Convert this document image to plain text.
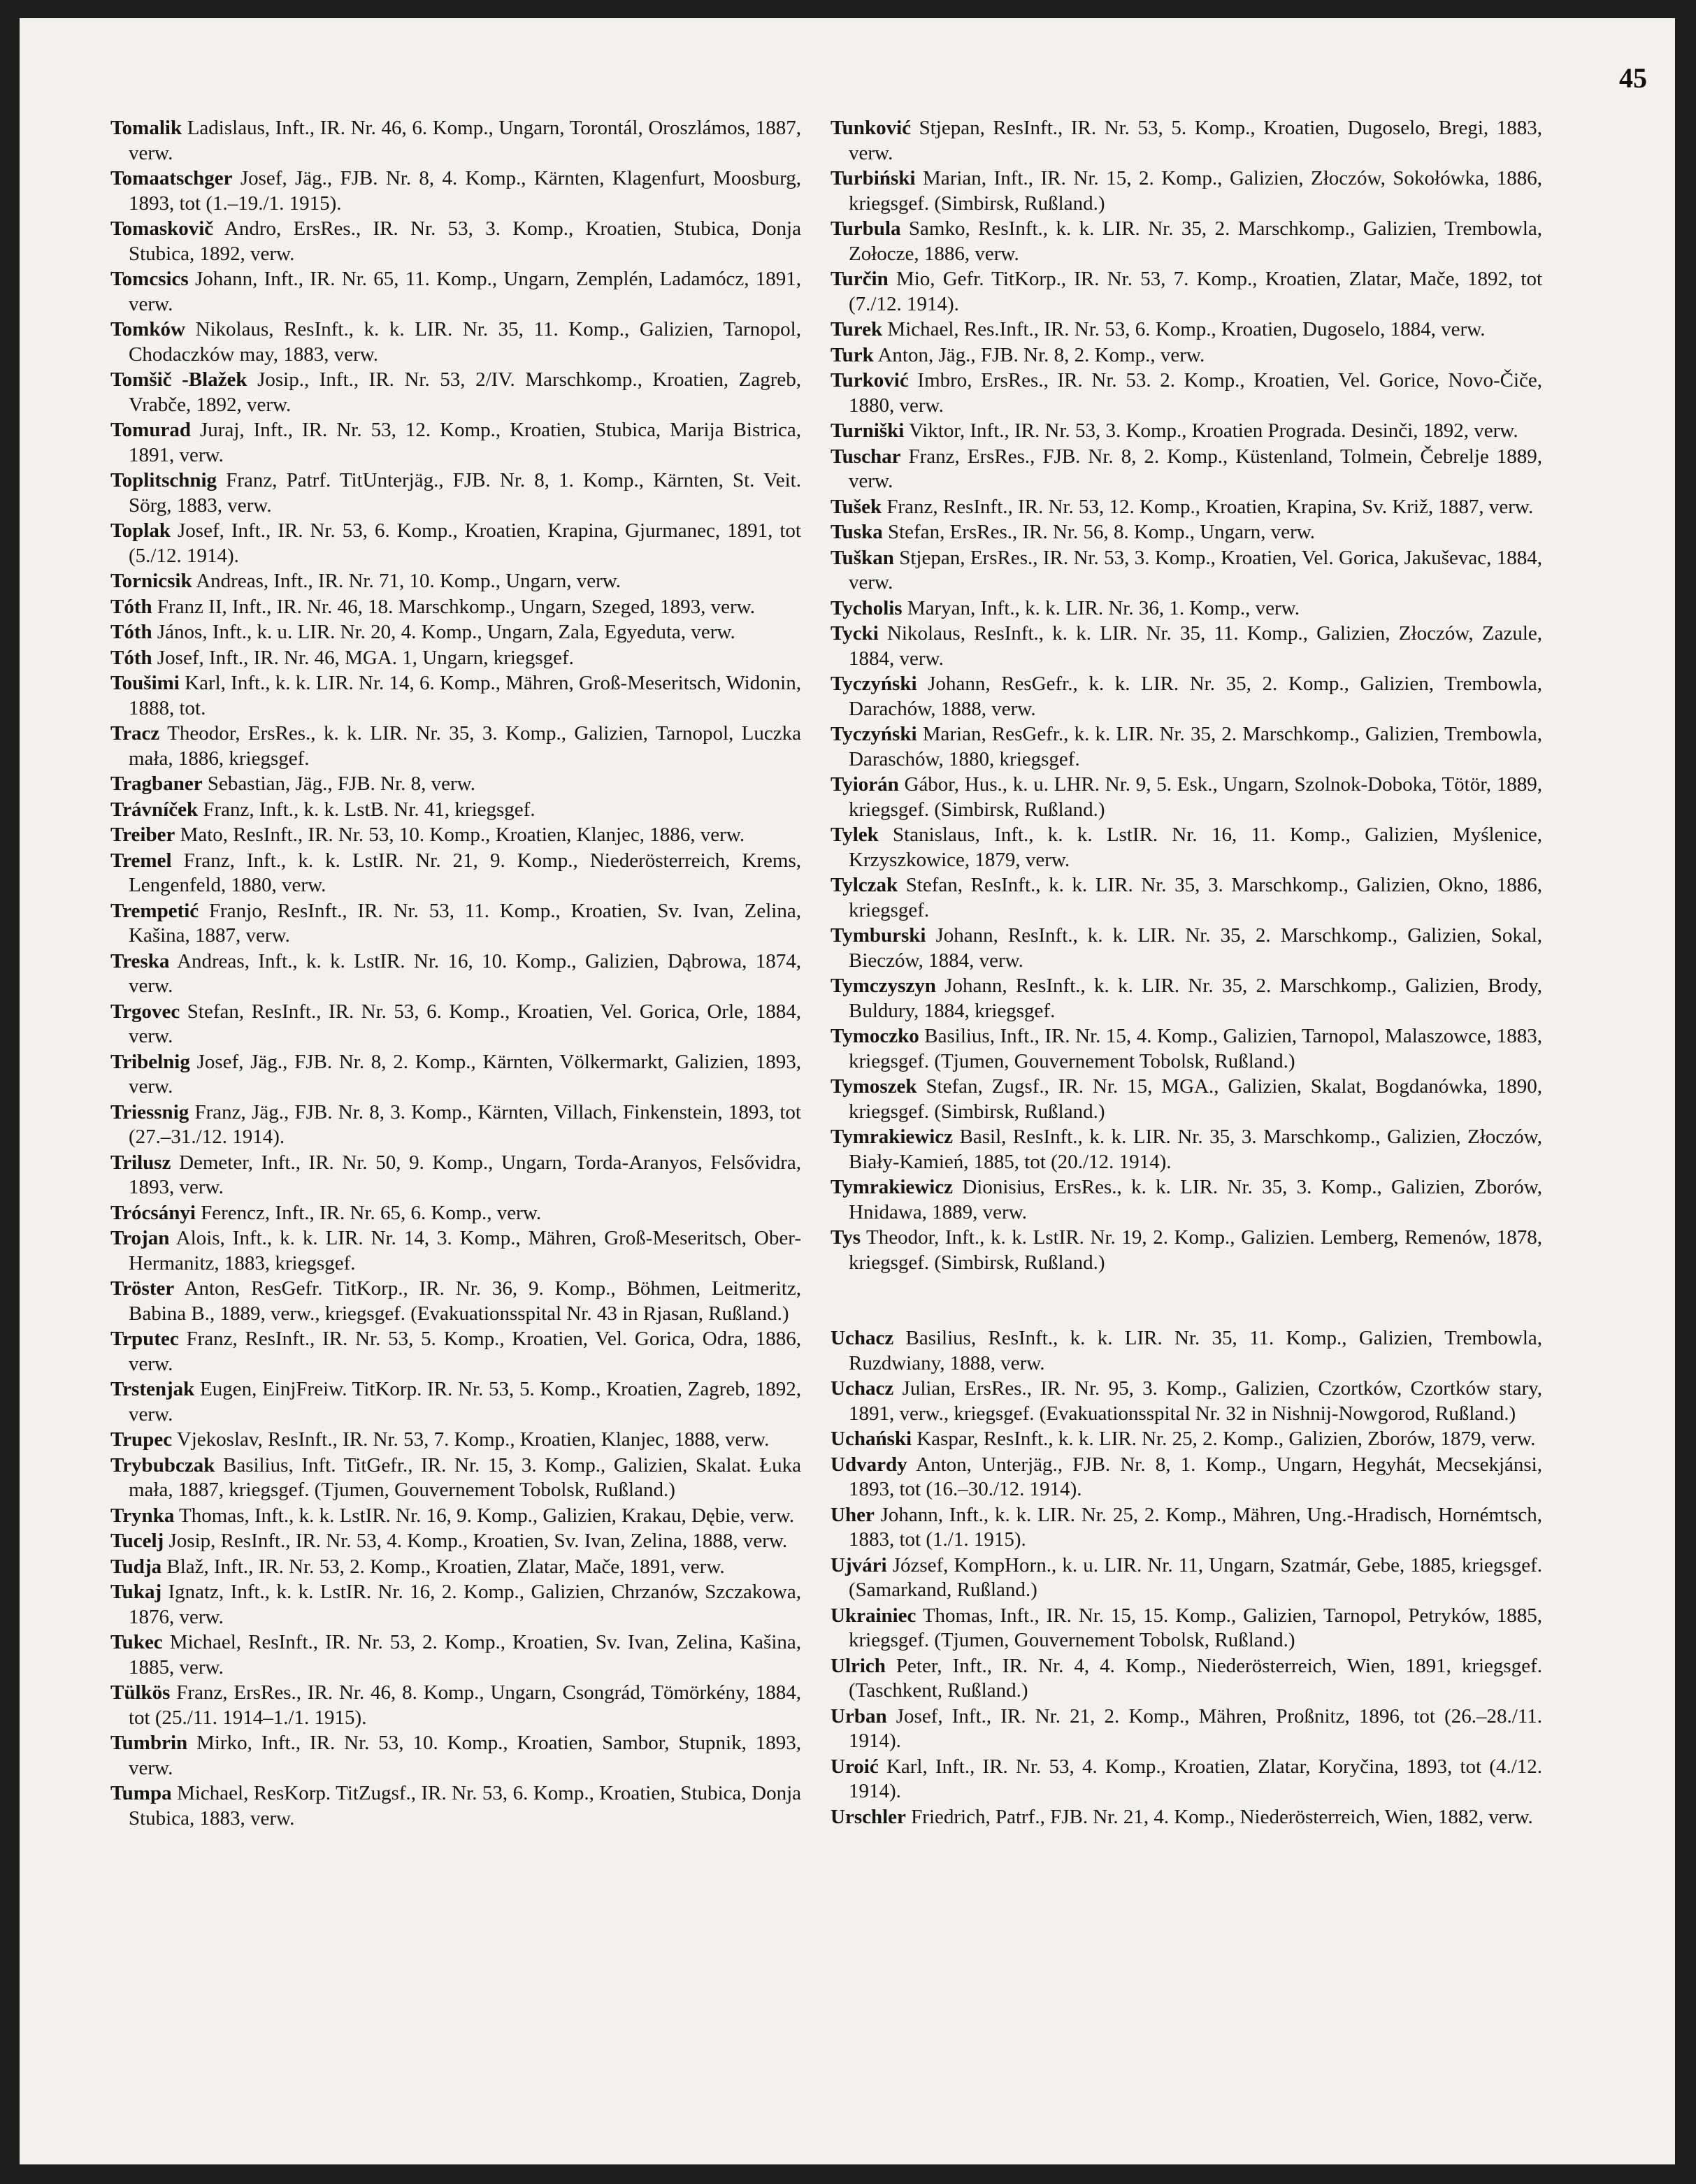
45

Tomalik Ladislaus, Inft., IR. Nr. 46, 6. Komp., Ungarn, Torontál, Oroszlámos, 1887, verw.

Tomaatschger Josef, Jäg., FJB. Nr. 8, 4. Komp., Kärnten, Klagenfurt, Moosburg, 1893, tot (1.–19./1. 1915).

Tomaskovič Andro, ErsRes., IR. Nr. 53, 3. Komp., Kroatien, Stubica, Donja Stubica, 1892, verw.

Tomcsics Johann, Inft., IR. Nr. 65, 11. Komp., Ungarn, Zemplén, Ladamócz, 1891, verw.

Tomków Nikolaus, ResInft., k. k. LIR. Nr. 35, 11. Komp., Galizien, Tarnopol, Chodaczków may, 1883, verw.

Tomšič -Blažek Josip., Inft., IR. Nr. 53, 2/IV. Marschkomp., Kroatien, Zagreb, Vrabče, 1892, verw.

Tomurad Juraj, Inft., IR. Nr. 53, 12. Komp., Kroatien, Stubica, Marija Bistrica, 1891, verw.

Toplitschnig Franz, Patrf. TitUnterjäg., FJB. Nr. 8, 1. Komp., Kärnten, St. Veit. Sörg, 1883, verw.

Toplak Josef, Inft., IR. Nr. 53, 6. Komp., Kroatien, Krapina, Gjurmanec, 1891, tot (5./12. 1914).

Tornicsik Andreas, Inft., IR. Nr. 71, 10. Komp., Ungarn, verw.

Tóth Franz II, Inft., IR. Nr. 46, 18. Marschkomp., Ungarn, Szeged, 1893, verw.

Tóth János, Inft., k. u. LIR. Nr. 20, 4. Komp., Ungarn, Zala, Egyeduta, verw.

Tóth Josef, Inft., IR. Nr. 46, MGA. 1, Ungarn, kriegsgef.

Toušimi Karl, Inft., k. k. LIR. Nr. 14, 6. Komp., Mähren, Groß-Meseritsch, Widonin, 1888, tot.

Tracz Theodor, ErsRes., k. k. LIR. Nr. 35, 3. Komp., Galizien, Tarnopol, Luczka mała, 1886, kriegsgef.

Tragbaner Sebastian, Jäg., FJB. Nr. 8, verw.

Trávníček Franz, Inft., k. k. LstB. Nr. 41, kriegsgef.

Treiber Mato, ResInft., IR. Nr. 53, 10. Komp., Kroatien, Klanjec, 1886, verw.

Tremel Franz, Inft., k. k. LstIR. Nr. 21, 9. Komp., Niederösterreich, Krems, Lengenfeld, 1880, verw.

Trempetić Franjo, ResInft., IR. Nr. 53, 11. Komp., Kroatien, Sv. Ivan, Zelina, Kašina, 1887, verw.

Treska Andreas, Inft., k. k. LstIR. Nr. 16, 10. Komp., Galizien, Dąbrowa, 1874, verw.

Trgovec Stefan, ResInft., IR. Nr. 53, 6. Komp., Kroatien, Vel. Gorica, Orle, 1884, verw.

Tribelnig Josef, Jäg., FJB. Nr. 8, 2. Komp., Kärnten, Völkermarkt, Galizien, 1893, verw.

Triessnig Franz, Jäg., FJB. Nr. 8, 3. Komp., Kärnten, Villach, Finkenstein, 1893, tot (27.–31./12. 1914).

Trilusz Demeter, Inft., IR. Nr. 50, 9. Komp., Ungarn, Torda-Aranyos, Felsővidra, 1893, verw.

Trócsányi Ferencz, Inft., IR. Nr. 65, 6. Komp., verw.

Trojan Alois, Inft., k. k. LIR. Nr. 14, 3. Komp., Mähren, Groß-Meseritsch, Ober-Hermanitz, 1883, kriegsgef.

Tröster Anton, ResGefr. TitKorp., IR. Nr. 36, 9. Komp., Böhmen, Leitmeritz, Babina B., 1889, verw., kriegsgef. (Evakuationsspital Nr. 43 in Rjasan, Rußland.)

Trputec Franz, ResInft., IR. Nr. 53, 5. Komp., Kroatien, Vel. Gorica, Odra, 1886, verw.

Trstenjak Eugen, EinjFreiw. TitKorp. IR. Nr. 53, 5. Komp., Kroatien, Zagreb, 1892, verw.

Trupec Vjekoslav, ResInft., IR. Nr. 53, 7. Komp., Kroatien, Klanjec, 1888, verw.

Trybubczak Basilius, Inft. TitGefr., IR. Nr. 15, 3. Komp., Galizien, Skalat. Łuka mała, 1887, kriegsgef. (Tjumen, Gouvernement Tobolsk, Rußland.)

Trynka Thomas, Inft., k. k. LstIR. Nr. 16, 9. Komp., Galizien, Krakau, Dębie, verw.

Tucelj Josip, ResInft., IR. Nr. 53, 4. Komp., Kroatien, Sv. Ivan, Zelina, 1888, verw.

Tudja Blaž, Inft., IR. Nr. 53, 2. Komp., Kroatien, Zlatar, Mače, 1891, verw.

Tukaj Ignatz, Inft., k. k. LstIR. Nr. 16, 2. Komp., Galizien, Chrzanów, Szczakowa, 1876, verw.

Tukec Michael, ResInft., IR. Nr. 53, 2. Komp., Kroatien, Sv. Ivan, Zelina, Kašina, 1885, verw.

Tülkös Franz, ErsRes., IR. Nr. 46, 8. Komp., Ungarn, Csongrád, Tömörkény, 1884, tot (25./11. 1914–1./1. 1915).

Tumbrin Mirko, Inft., IR. Nr. 53, 10. Komp., Kroatien, Sambor, Stupnik, 1893, verw.

Tumpa Michael, ResKorp. TitZugsf., IR. Nr. 53, 6. Komp., Kroatien, Stubica, Donja Stubica, 1883, verw.

Tunković Stjepan, ResInft., IR. Nr. 53, 5. Komp., Kroatien, Dugoselo, Bregi, 1883, verw.

Turbiński Marian, Inft., IR. Nr. 15, 2. Komp., Galizien, Złoczów, Sokołówka, 1886, kriegsgef. (Simbirsk, Rußland.)

Turbula Samko, ResInft., k. k. LIR. Nr. 35, 2. Marschkomp., Galizien, Trembowla, Zołocze, 1886, verw.

Turčin Mio, Gefr. TitKorp., IR. Nr. 53, 7. Komp., Kroatien, Zlatar, Mače, 1892, tot (7./12. 1914).

Turek Michael, Res.Inft., IR. Nr. 53, 6. Komp., Kroatien, Dugoselo, 1884, verw.

Turk Anton, Jäg., FJB. Nr. 8, 2. Komp., verw.

Turković Imbro, ErsRes., IR. Nr. 53. 2. Komp., Kroatien, Vel. Gorice, Novo-Čiče, 1880, verw.

Turniški Viktor, Inft., IR. Nr. 53, 3. Komp., Kroatien Prograda. Desinči, 1892, verw.

Tuschar Franz, ErsRes., FJB. Nr. 8, 2. Komp., Küstenland, Tolmein, Čebrelje 1889, verw.

Tušek Franz, ResInft., IR. Nr. 53, 12. Komp., Kroatien, Krapina, Sv. Križ, 1887, verw.

Tuska Stefan, ErsRes., IR. Nr. 56, 8. Komp., Ungarn, verw.

Tuškan Stjepan, ErsRes., IR. Nr. 53, 3. Komp., Kroatien, Vel. Gorica, Jakuševac, 1884, verw.

Tycholis Maryan, Inft., k. k. LIR. Nr. 36, 1. Komp., verw.

Tycki Nikolaus, ResInft., k. k. LIR. Nr. 35, 11. Komp., Galizien, Złoczów, Zazule, 1884, verw.

Tyczyński Johann, ResGefr., k. k. LIR. Nr. 35, 2. Komp., Galizien, Trembowla, Darachów, 1888, verw.

Tyczyński Marian, ResGefr., k. k. LIR. Nr. 35, 2. Marschkomp., Galizien, Trembowla, Daraschów, 1880, kriegsgef.

Tyiorán Gábor, Hus., k. u. LHR. Nr. 9, 5. Esk., Ungarn, Szolnok-Doboka, Tötör, 1889, kriegsgef. (Simbirsk, Rußland.)

Tylek Stanislaus, Inft., k. k. LstIR. Nr. 16, 11. Komp., Galizien, Myślenice, Krzyszkowice, 1879, verw.

Tylczak Stefan, ResInft., k. k. LIR. Nr. 35, 3. Marschkomp., Galizien, Okno, 1886, kriegsgef.

Tymburski Johann, ResInft., k. k. LIR. Nr. 35, 2. Marschkomp., Galizien, Sokal, Bieczów, 1884, verw.

Tymczyszyn Johann, ResInft., k. k. LIR. Nr. 35, 2. Marschkomp., Galizien, Brody, Buldury, 1884, kriegsgef.

Tymoczko Basilius, Inft., IR. Nr. 15, 4. Komp., Galizien, Tarnopol, Malaszowce, 1883, kriegsgef. (Tjumen, Gouvernement Tobolsk, Rußland.)

Tymoszek Stefan, Zugsf., IR. Nr. 15, MGA., Galizien, Skalat, Bogdanówka, 1890, kriegsgef. (Simbirsk, Rußland.)

Tymrakiewicz Basil, ResInft., k. k. LIR. Nr. 35, 3. Marschkomp., Galizien, Złoczów, Biały-Kamień, 1885, tot (20./12. 1914).

Tymrakiewicz Dionisius, ErsRes., k. k. LIR. Nr. 35, 3. Komp., Galizien, Zborów, Hnidawa, 1889, verw.

Tys Theodor, Inft., k. k. LstIR. Nr. 19, 2. Komp., Galizien. Lemberg, Remenów, 1878, kriegsgef. (Simbirsk, Rußland.)

Uchacz Basilius, ResInft., k. k. LIR. Nr. 35, 11. Komp., Galizien, Trembowla, Ruzdwiany, 1888, verw.

Uchacz Julian, ErsRes., IR. Nr. 95, 3. Komp., Galizien, Czortków, Czortków stary, 1891, verw., kriegsgef. (Evakuationsspital Nr. 32 in Nishnij-Nowgorod, Rußland.)

Uchański Kaspar, ResInft., k. k. LIR. Nr. 25, 2. Komp., Galizien, Zborów, 1879, verw.

Udvardy Anton, Unterjäg., FJB. Nr. 8, 1. Komp., Ungarn, Hegyhát, Mecsekjánsi, 1893, tot (16.–30./12. 1914).

Uher Johann, Inft., k. k. LIR. Nr. 25, 2. Komp., Mähren, Ung.-Hradisch, Hornémtsch, 1883, tot (1./1. 1915).

Ujvári József, KompHorn., k. u. LIR. Nr. 11, Ungarn, Szatmár, Gebe, 1885, kriegsgef. (Samarkand, Rußland.)

Ukrainiec Thomas, Inft., IR. Nr. 15, 15. Komp., Galizien, Tarnopol, Petryków, 1885, kriegsgef. (Tjumen, Gouvernement Tobolsk, Rußland.)

Ulrich Peter, Inft., IR. Nr. 4, 4. Komp., Niederösterreich, Wien, 1891, kriegsgef. (Taschkent, Rußland.)

Urban Josef, Inft., IR. Nr. 21, 2. Komp., Mähren, Proßnitz, 1896, tot (26.–28./11. 1914).

Uroić Karl, Inft., IR. Nr. 53, 4. Komp., Kroatien, Zlatar, Koryčina, 1893, tot (4./12. 1914).

Urschler Friedrich, Patrf., FJB. Nr. 21, 4. Komp., Niederösterreich, Wien, 1882, verw.
